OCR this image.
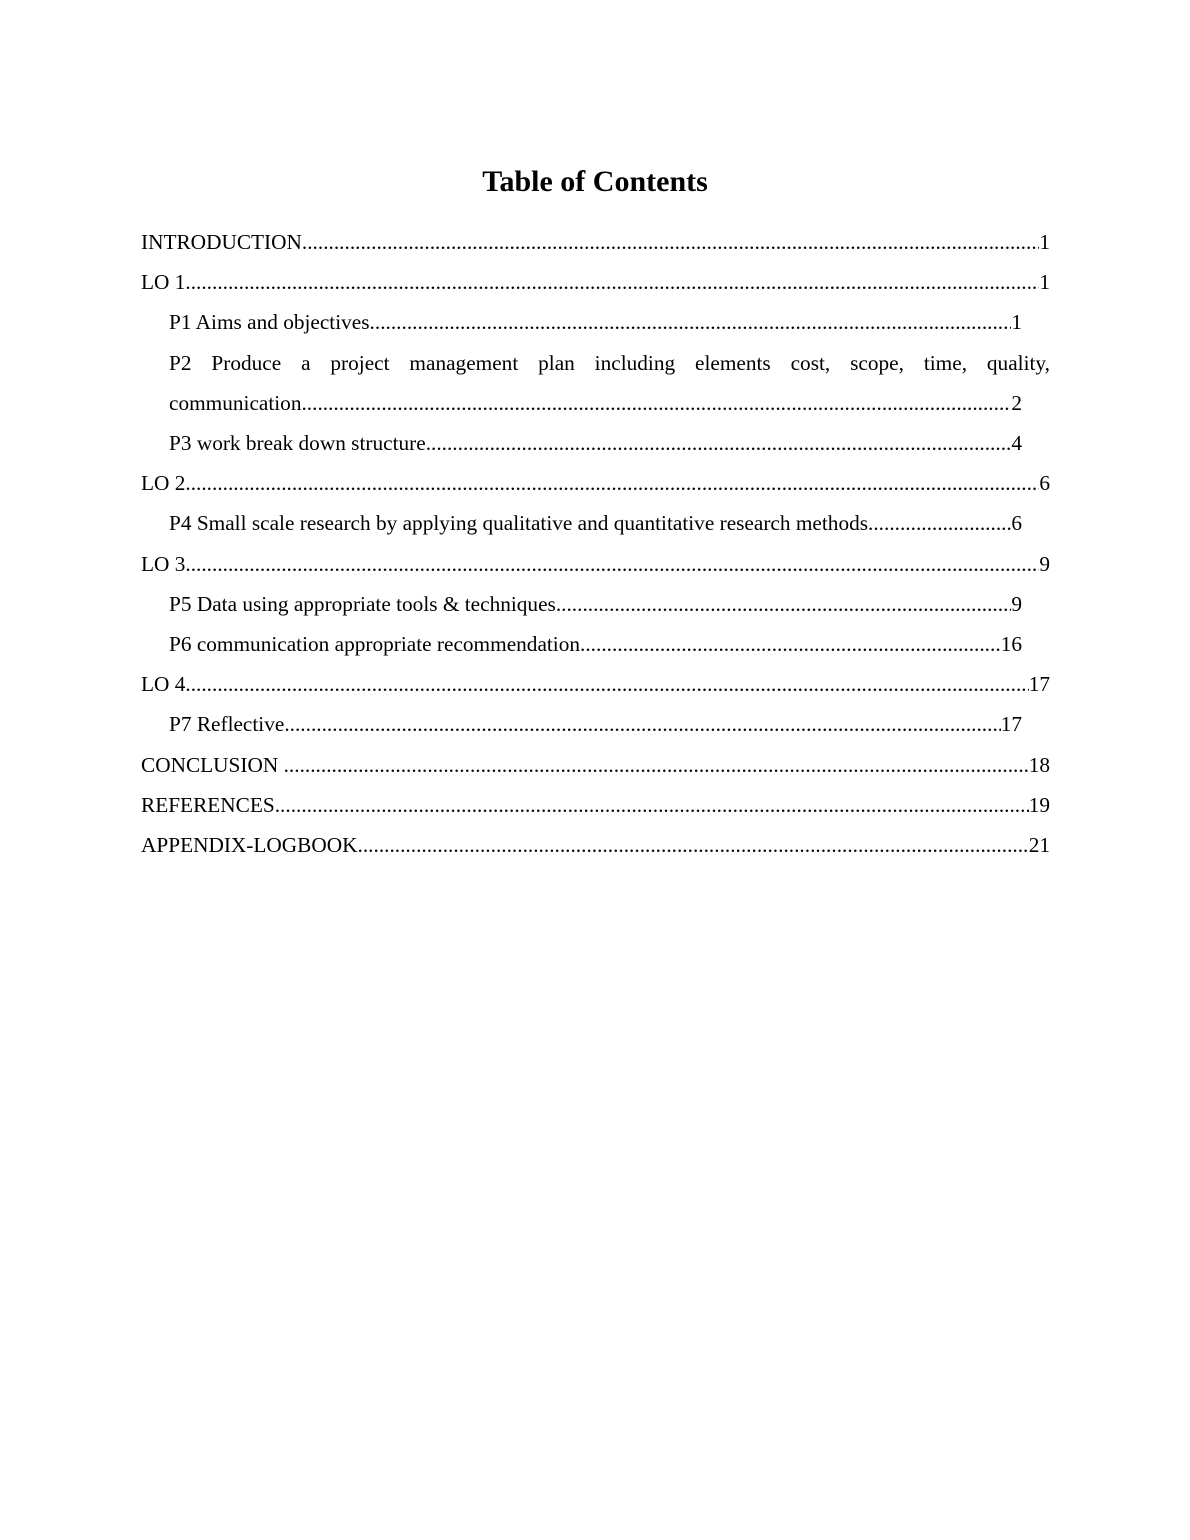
Table of Contents
INTRODUCTION .....	1
LO 1 .....	1
P1 Aims and objectives .....	1
P2 Produce a project management plan including elements cost, scope, time, quality,
communication .....	2
P3 work break down structure .....	4
LO 2 .....	6
P4 Small scale research by applying qualitative and quantitative research methods .....	6
LO 3 .....	9
P5 Data using appropriate tools & techniques .....	9
P6 communication appropriate recommendation .....	16
LO 4 .....	17
P7 Reflective .....	17
CONCLUSION .....	18
REFERENCES .....	19
APPENDIX-LOGBOOK .....	21
